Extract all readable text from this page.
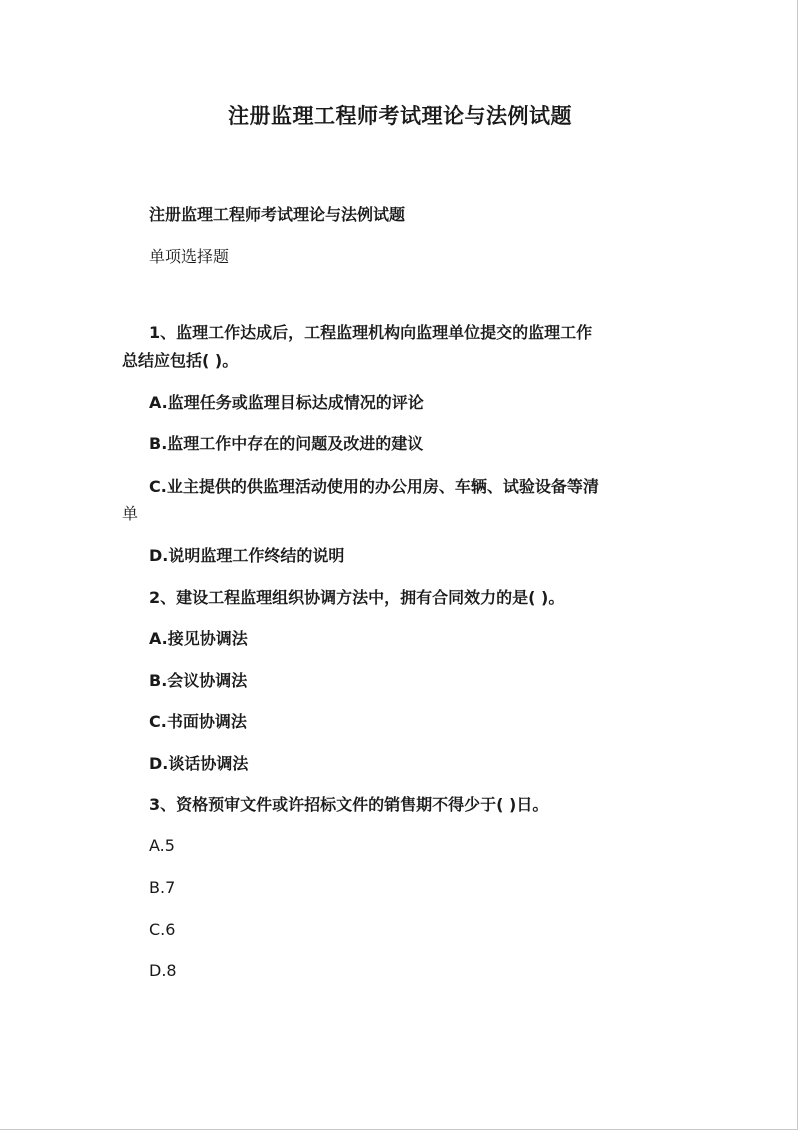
注册监理工程师考试理论与法例试题

注册监理工程师考试理论与法例试题

单项选择题

1、监理工作达成后，工程监理机构向监理单位提交的监理工作

总结应包括( )。

A.监理任务或监理目标达成情况的评论

B.监理工作中存在的问题及改进的建议

C.业主提供的供监理活动使用的办公用房、车辆、试验设备等清

单

D.说明监理工作终结的说明

2、建设工程监理组织协调方法中，拥有合同效力的是( )。

A.接见协调法

B.会议协调法

C.书面协调法

D.谈话协调法

3、资格预审文件或许招标文件的销售期不得少于( )日。

A.5

B.7

C.6

D.8
